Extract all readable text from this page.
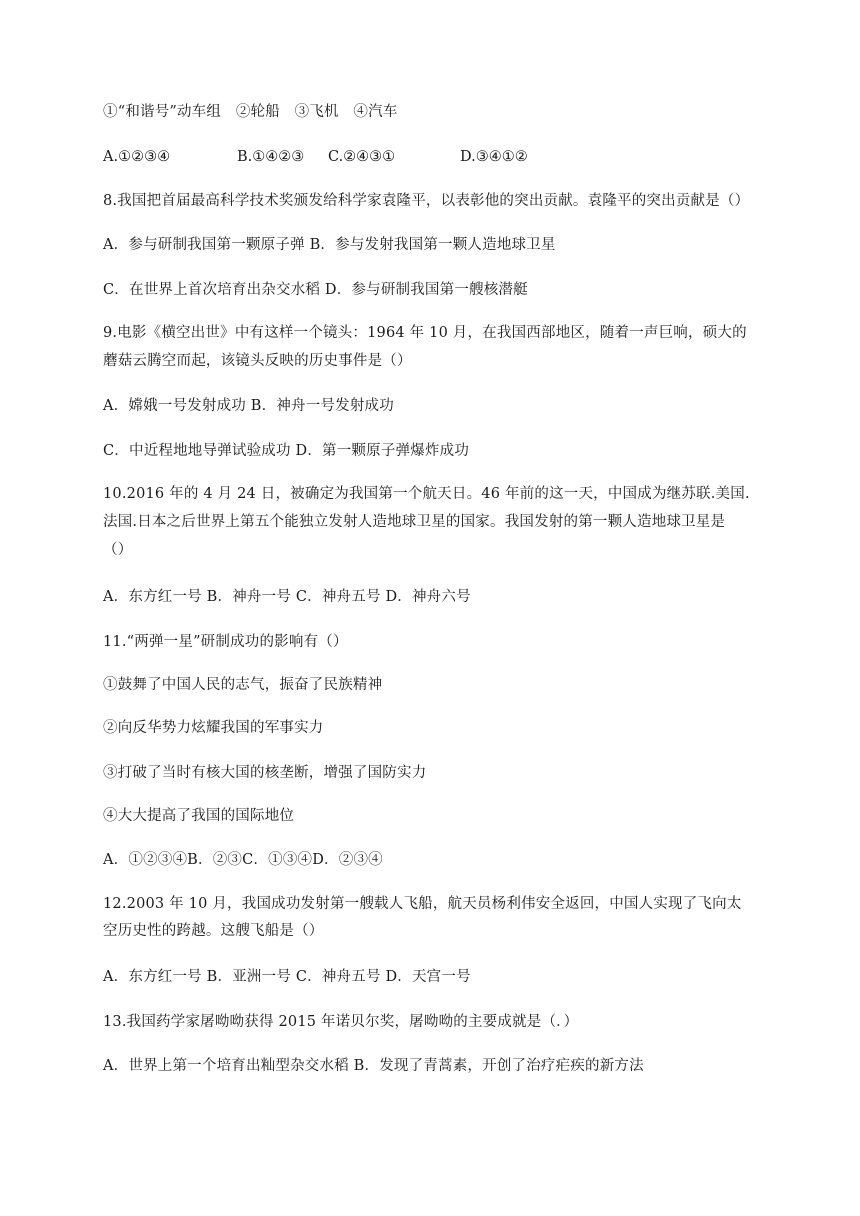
①“和谐号”动车组　②轮船　③飞机　④汽车
A.①②③④	B.①④②③ C.②④③①	D.③④①②
8.我国把首届最高科学技术奖颁发给科学家袁隆平，以表彰他的突出贡献。袁隆平的突出贡献是（）
A．参与研制我国第一颗原子弹 B．参与发射我国第一颗人造地球卫星
C．在世界上首次培育出杂交水稻 D．参与研制我国第一艘核潜艇
9.电影《横空出世》中有这样一个镜头：1964 年 10 月，在我国西部地区，随着一声巨响，硕大的
蘑菇云腾空而起，该镜头反映的历史事件是（）
A．嫦娥一号发射成功 B．神舟一号发射成功
C．中近程地地导弹试验成功 D．第一颗原子弹爆炸成功
10.2016 年的 4 月 24 日，被确定为我国第一个航天日。46 年前的这一天，中国成为继苏联.美国.
法国.日本之后世界上第五个能独立发射人造地球卫星的国家。我国发射的第一颗人造地球卫星是
（）
A．东方红一号 B．神舟一号 C．神舟五号 D．神舟六号
11.“两弹一星”研制成功的影响有（）
①鼓舞了中国人民的志气，振奋了民族精神
②向反华势力炫耀我国的军事实力
③打破了当时有核大国的核垄断，增强了国防实力
④大大提高了我国的国际地位
A．①②③④B．②③C．①③④D．②③④
12.2003 年 10 月，我国成功发射第一艘载人飞船，航天员杨利伟安全返回，中国人实现了飞向太
空历史性的跨越。这艘飞船是（）
A．东方红一号 B．亚洲一号 C．神舟五号 D．天宫一号
13.我国药学家屠呦呦获得 2015 年诺贝尔奖，屠呦呦的主要成就是（．）
A．世界上第一个培育出籼型杂交水稻 B．发现了青蒿素，开创了治疗疟疾的新方法
